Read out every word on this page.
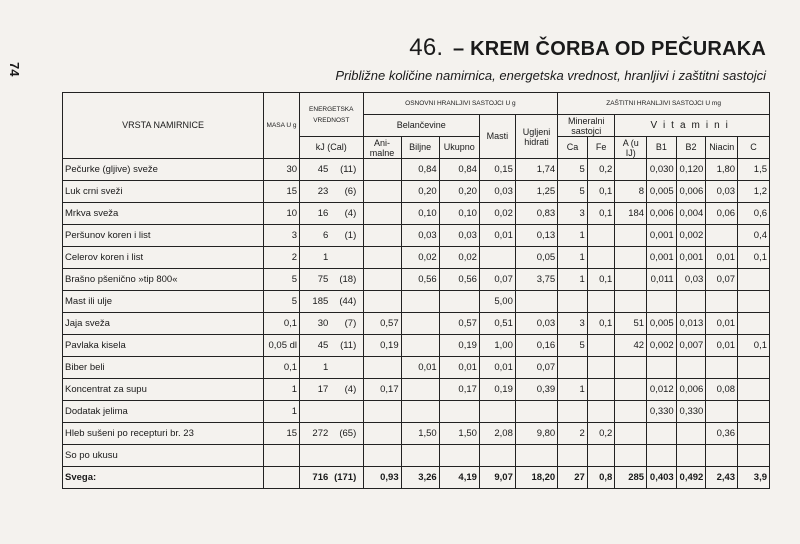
74
46. – KREM ČORBA OD PEČURAKA
Približne količine namirnica, energetska vrednost, hranljivi i zaštitni sastojci
VRSTA NAMIRNICE	MASA U g	ENERGETSKA VREDNOST	OSNOVNI HRANLJIVI SASTOJCI U g					ZAŠTITNI HRANLJIVI SASTOJCI U mg						
			Belančevine			Masti	Ugljeni hidrati	Mineralni sastojci		Vitamini				
		kJ (Cal)	Ani-malne	Biljne	Ukupno			Ca	Fe	A (u IJ)	B1	B2	Niacin	C
Pečurke (gljive) sveže	30	45 (11)		0,84	0,84	0,15	1,74	5	0,2		0,030	0,120	1,80	1,5
Luk crni sveži	15	23 (6)		0,20	0,20	0,03	1,25	5	0,1	8	0,005	0,006	0,03	1,2
Mrkva sveža	10	16 (4)		0,10	0,10	0,02	0,83	3	0,1	184	0,006	0,004	0,06	0,6
Peršunov koren i list	3	6 (1)		0,03	0,03	0,01	0,13	1			0,001	0,002		0,4
Celerov koren i list	2	1		0,02	0,02		0,05	1			0,001	0,001	0,01	0,1
Brašno pšenično »tip 800«	5	75 (18)		0,56	0,56	0,07	3,75	1	0,1		0,011	0,03	0,07	
Mast ili ulje	5	185 (44)				5,00								
Jaja sveža	0,1	30 (7)	0,57		0,57	0,51	0,03	3	0,1	51	0,005	0,013	0,01	
Pavlaka kisela	0,05 dl	45 (11)	0,19		0,19	1,00	0,16	5		42	0,002	0,007	0,01	0,1
Biber beli	0,1	1		0,01	0,01	0,01	0,07							
Koncentrat za supu	1	17 (4)	0,17		0,17	0,19	0,39	1			0,012	0,006	0,08	
Dodatak jelima	1										0,330	0,330		
Hleb sušeni po recepturi br. 23	15	272 (65)		1,50	1,50	2,08	9,80	2	0,2				0,36	
So po ukusu														
Svega:		716 (171)	0,93	3,26	4,19	9,07	18,20	27	0,8	285	0,403	0,492	2,43	3,9
